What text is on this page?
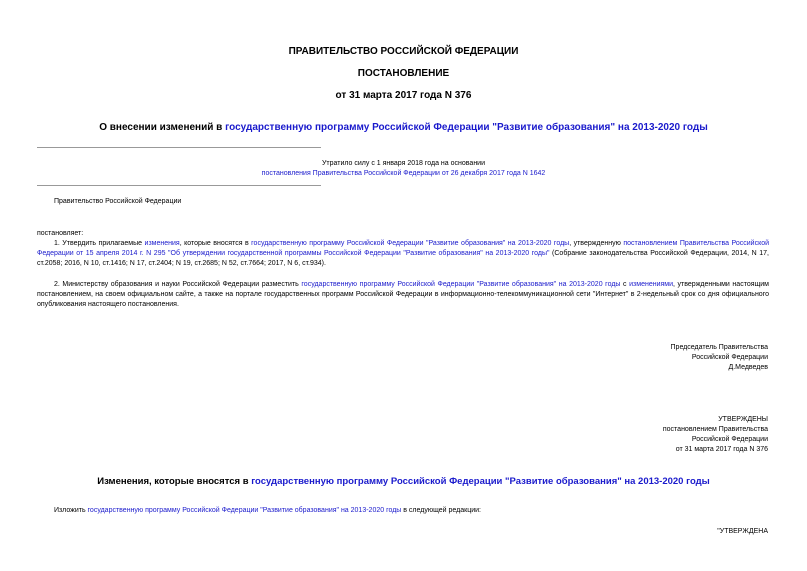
ПРАВИТЕЛЬСТВО РОССИЙСКОЙ ФЕДЕРАЦИИ
ПОСТАНОВЛЕНИЕ
от 31 марта 2017 года N 376
О внесении изменений в государственную программу Российской Федерации "Развитие образования" на 2013-2020 годы
Утратило силу с 1 января 2018 года на основании
постановления Правительства Российской Федерации от 26 декабря 2017 года N 1642
Правительство Российской Федерации
постановляет:
1. Утвердить прилагаемые изменения, которые вносятся в государственную программу Российской Федерации "Развитие образования" на 2013-2020 годы, утвержденную постановлением Правительства Российской Федерации от 15 апреля 2014 г. N 295 "Об утверждении государственной программы Российской Федерации "Развитие образования" на 2013-2020 годы" (Собрание законодательства Российской Федерации, 2014, N 17, ст.2058; 2016, N 10, ст.1416; N 17, ст.2404; N 19, ст.2685; N 52, ст.7664; 2017, N 6, ст.934).
2. Министерству образования и науки Российской Федерации разместить государственную программу Российской Федерации "Развитие образования" на 2013-2020 годы с изменениями, утвержденными настоящим постановлением, на своем официальном сайте, а также на портале государственных программ Российской Федерации в информационно-телекоммуникационной сети "Интернет" в 2-недельный срок со дня официального опубликования настоящего постановления.
Председатель Правительства
Российской Федерации
Д.Медведев
УТВЕРЖДЕНЫ
постановлением Правительства
Российской Федерации
от 31 марта 2017 года N 376
Изменения, которые вносятся в государственную программу Российской Федерации "Развитие образования" на 2013-2020 годы
Изложить государственную программу Российской Федерации "Развитие образования" на 2013-2020 годы в следующей редакции:
"УТВЕРЖДЕНА
